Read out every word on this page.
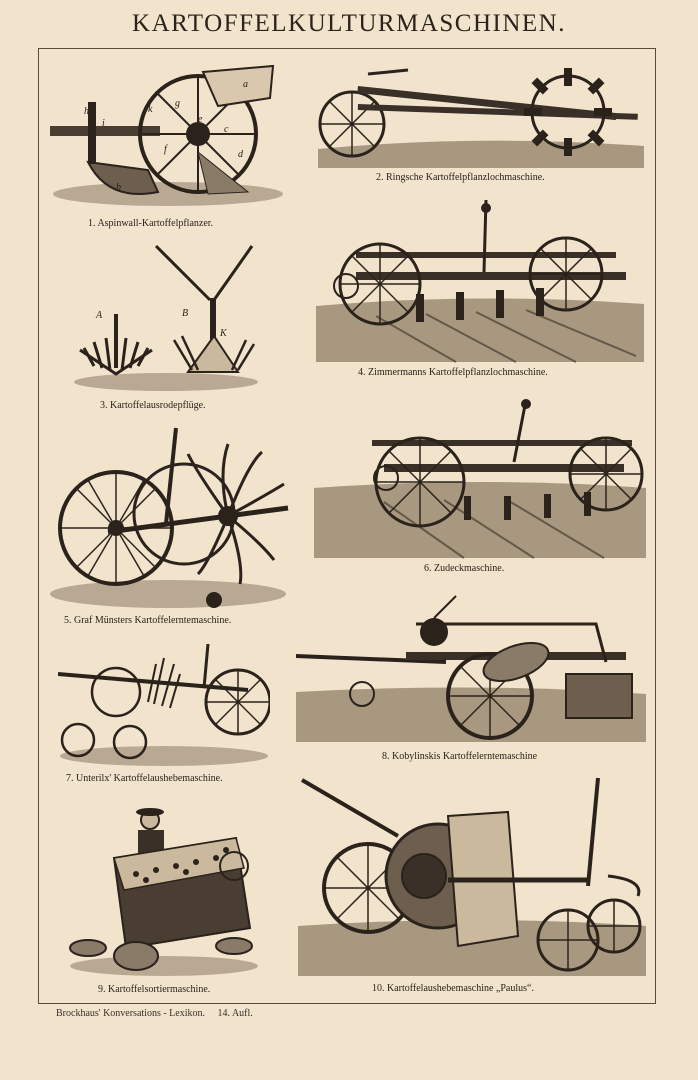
KARTOFFELKULTURMASCHINEN.
a
b
c
d
e
f
g
h
i
k
1. Aspinwall-Kartoffelpflanzer.
2. Ringsche Kartoffelpflanzlochmaschine.
A	B
K
3. Kartoffelausrodepflüge.
4. Zimmermanns Kartoffelpflanzlochmaschine.
5. Graf Münsters Kartoffelerntemaschine.
6. Zudeckmaschine.
7. Unterilx' Kartoffelaushebemaschine.
8. Kobylinskis Kartoffelerntemaschine
9. Kartoffelsortiermaschine.	10. Kartoffelaushebemaschine „Paulus“.
Brockhaus' Konversations - Lexikon. 14. Aufl.
